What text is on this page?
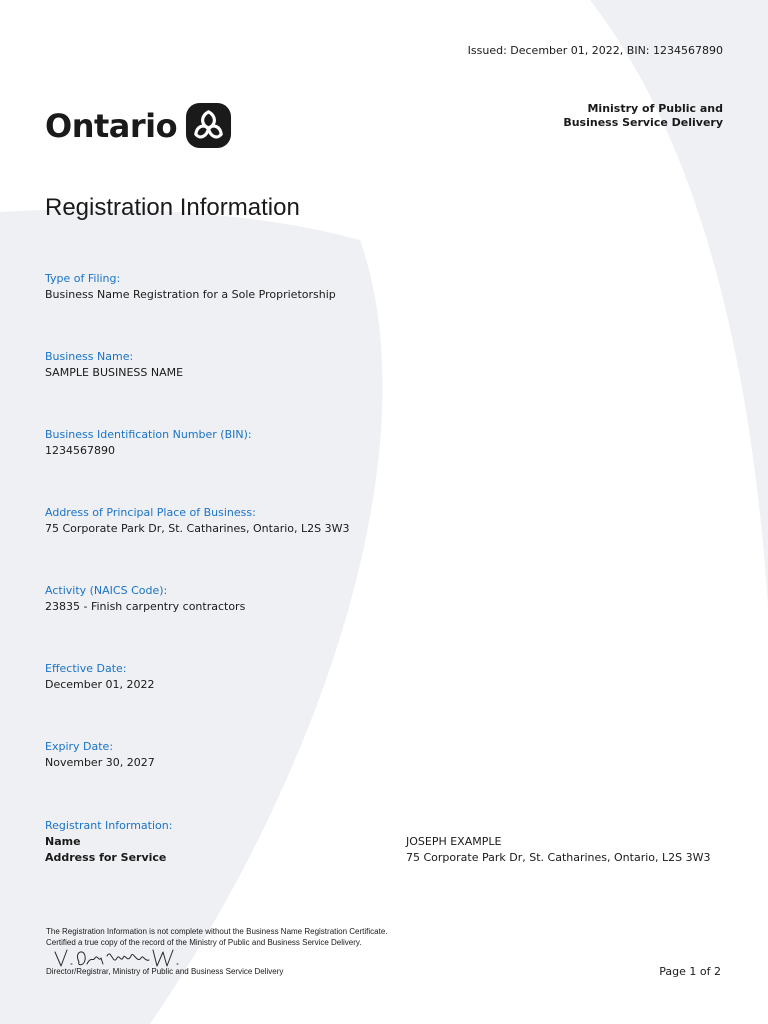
Issued: December 01, 2022, BIN: 1234567890
Ontario	Ministry of Public and
Business Service Delivery
Registration Information
Type of Filing:
Business Name Registration for a Sole Proprietorship
Business Name:
SAMPLE BUSINESS NAME
Business Identification Number (BIN):
1234567890
Address of Principal Place of Business:
75 Corporate Park Dr, St. Catharines, Ontario, L2S 3W3
Activity (NAICS Code):
23835 - Finish carpentry contractors
Effective Date:
December 01, 2022
Expiry Date:
November 30, 2027
Registrant Information:
Name	JOSEPH EXAMPLE
Address for Service	75 Corporate Park Dr, St. Catharines, Ontario, L2S 3W3
The Registration Information is not complete without the Business Name Registration Certificate.
Certified a true copy of the record of the Ministry of Public and Business Service Delivery.
Director/Registrar, Ministry of Public and Business Service Delivery	Page 1 of 2
